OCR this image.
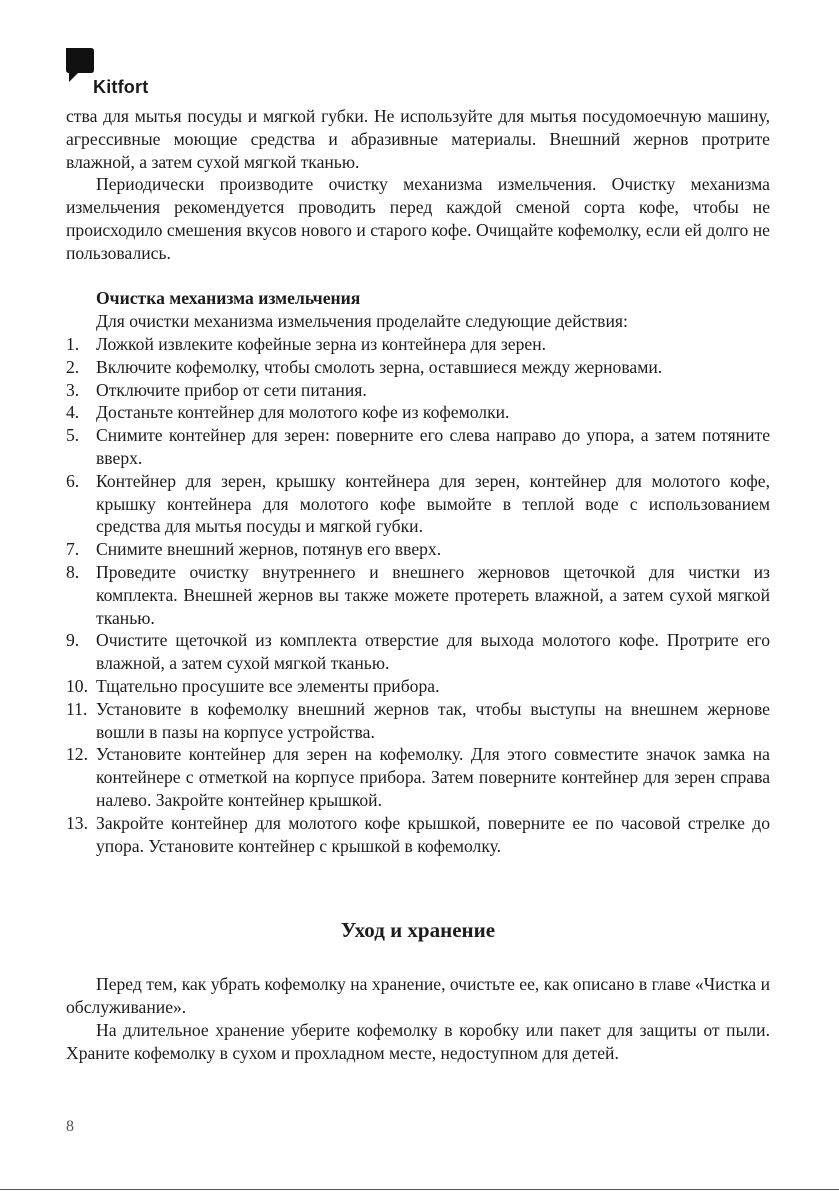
Kitfort

ства для мытья посуды и мягкой губки. Не используйте для мытья посудомоечную машину, агрессивные моющие средства и абразивные материалы. Внешний жернов протрите влажной, а затем сухой мягкой тканью.

Периодически производите очистку механизма измельчения. Очистку механизма измельчения рекомендуется проводить перед каждой сменой сорта кофе, чтобы не происходило смешения вкусов нового и старого кофе. Очищайте кофемолку, если ей долго не пользовались.

Очистка механизма измельчения

Для очистки механизма измельчения проделайте следующие действия:

1. Ложкой извлеките кофейные зерна из контейнера для зерен.
2. Включите кофемолку, чтобы смолоть зерна, оставшиеся между жерновами.
3. Отключите прибор от сети питания.
4. Достаньте контейнер для молотого кофе из кофемолки.
5. Снимите контейнер для зерен: поверните его слева направо до упора, а затем потяните вверх.
6. Контейнер для зерен, крышку контейнера для зерен, контейнер для молотого кофе, крышку контейнера для молотого кофе вымойте в теплой воде с использованием средства для мытья посуды и мягкой губки.
7. Снимите внешний жернов, потянув его вверх.
8. Проведите очистку внутреннего и внешнего жерновов щеточкой для чистки из комплекта. Внешней жернов вы также можете протереть влажной, а затем сухой мягкой тканью.
9. Очистите щеточкой из комплекта отверстие для выхода молотого кофе. Протрите его влажной, а затем сухой мягкой тканью.
10. Тщательно просушите все элементы прибора.
11. Установите в кофемолку внешний жернов так, чтобы выступы на внешнем жернове вошли в пазы на корпусе устройства.
12. Установите контейнер для зерен на кофемолку. Для этого совместите значок замка на контейнере с отметкой на корпусе прибора. Затем поверните контейнер для зерен справа налево. Закройте контейнер крышкой.
13. Закройте контейнер для молотого кофе крышкой, поверните ее по часовой стрелке до упора. Установите контейнер с крышкой в кофемолку.
Уход и хранение

Перед тем, как убрать кофемолку на хранение, очистьте ее, как описано в главе «Чистка и обслуживание».

На длительное хранение уберите кофемолку в коробку или пакет для защиты от пыли. Храните кофемолку в сухом и прохладном месте, недоступном для детей.

8
